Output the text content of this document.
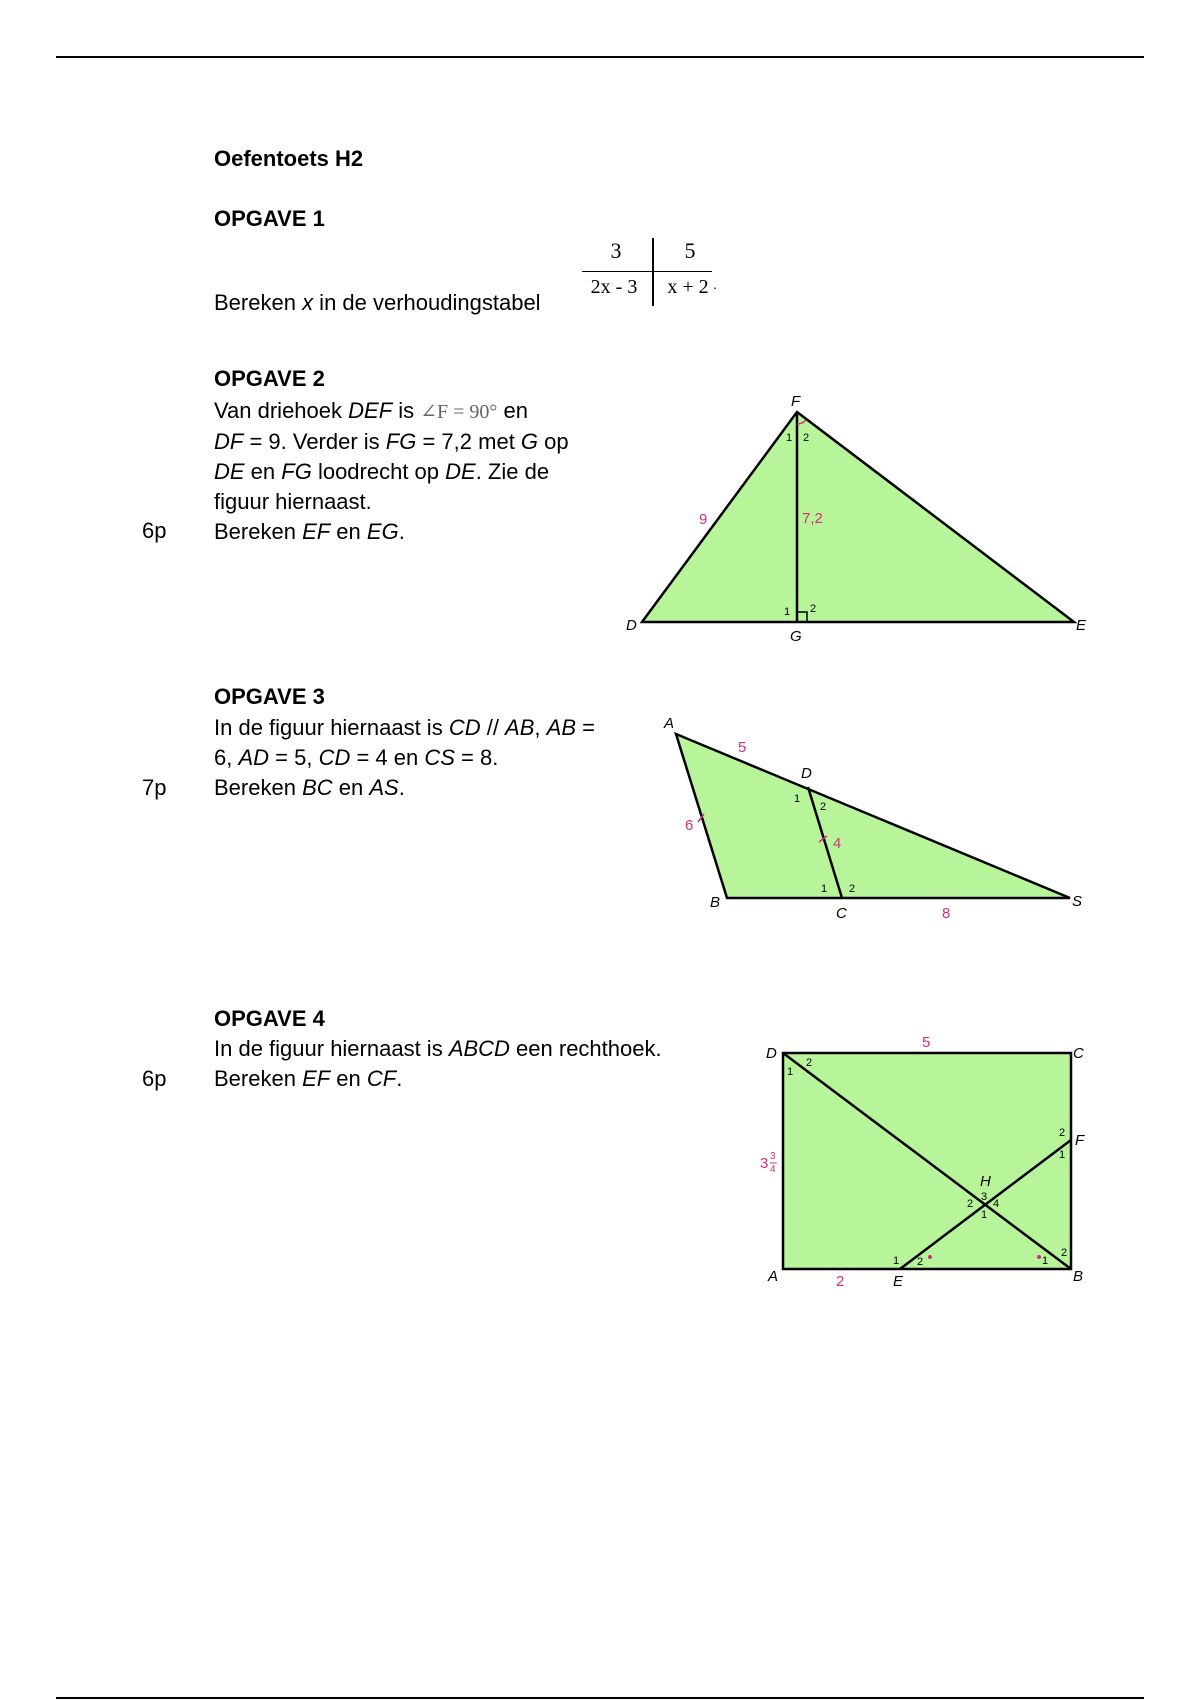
Oefentoets H2
OPGAVE 1
Bereken x in de verhoudingstabel
3	5
2x - 3	x + 2 .
OPGAVE 2
Van driehoek DEF is ∠F = 90° en
DF = 9. Verder is FG = 7,2 met G op
DE en FG loodrecht op DE. Zie de
figuur hiernaast.
Bereken EF en EG.
6p
OPGAVE 3
In de figuur hiernaast is CD // AB, AB =
6, AD = 5, CD = 4 en CS = 8.
Bereken BC en AS.
7p
OPGAVE 4
In de figuur hiernaast is ABCD een rechthoek.
Bereken EF en CF.
6p
F
D
G
E
9	7,2
1 2
1 2
A
D
B
C
S
5
6
4
8
1
2
1 2
D	C
F
H
A	E	B
5
3 3
4
2
1
2
2
1
2
3
4
1
1 2	1
2
